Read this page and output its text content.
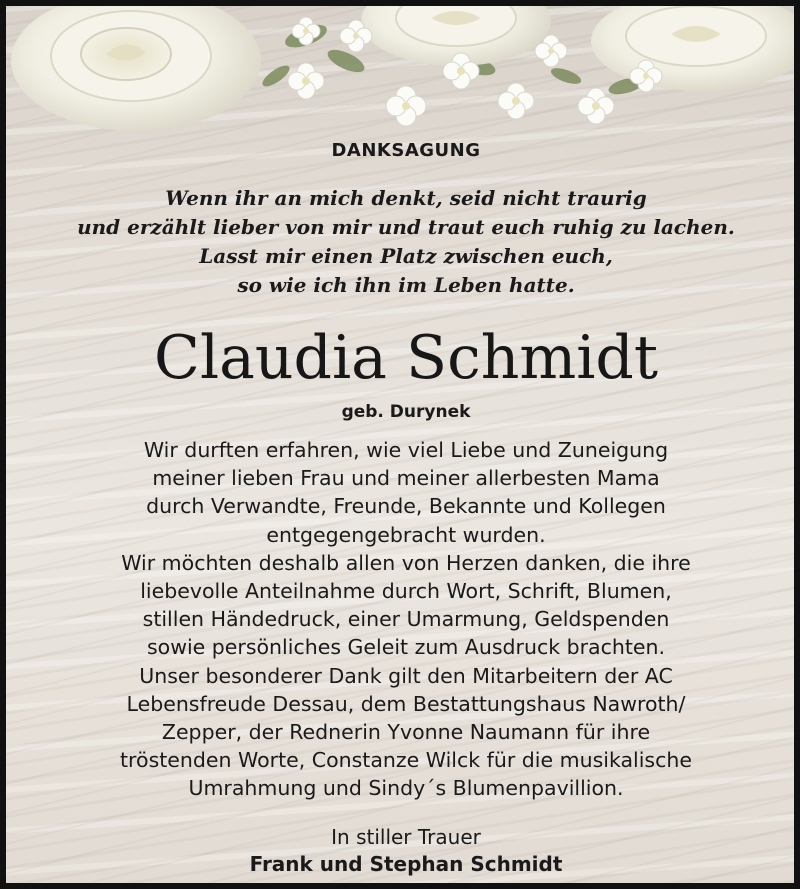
DANKSAGUNG
Wenn ihr an mich denkt, seid nicht traurig
und erzählt lieber von mir und traut euch ruhig zu lachen.
Lasst mir einen Platz zwischen euch,
so wie ich ihn im Leben hatte.
Claudia Schmidt
geb. Durynek
Wir durften erfahren, wie viel Liebe und Zuneigung
meiner lieben Frau und meiner allerbesten Mama
durch Verwandte, Freunde, Bekannte und Kollegen
entgegengebracht wurden.
Wir möchten deshalb allen von Herzen danken, die ihre
liebevolle Anteilnahme durch Wort, Schrift, Blumen,
stillen Händedruck, einer Umarmung, Geldspenden
sowie persönliches Geleit zum Ausdruck brachten.
Unser besonderer Dank gilt den Mitarbeitern der AC
Lebensfreude Dessau, dem Bestattungshaus Nawroth/
Zepper, der Rednerin Yvonne Naumann für ihre
tröstenden Worte, Constanze Wilck für die musikalische
Umrahmung und Sindy´s Blumenpavillion.
In stiller Trauer
Frank und Stephan Schmidt
